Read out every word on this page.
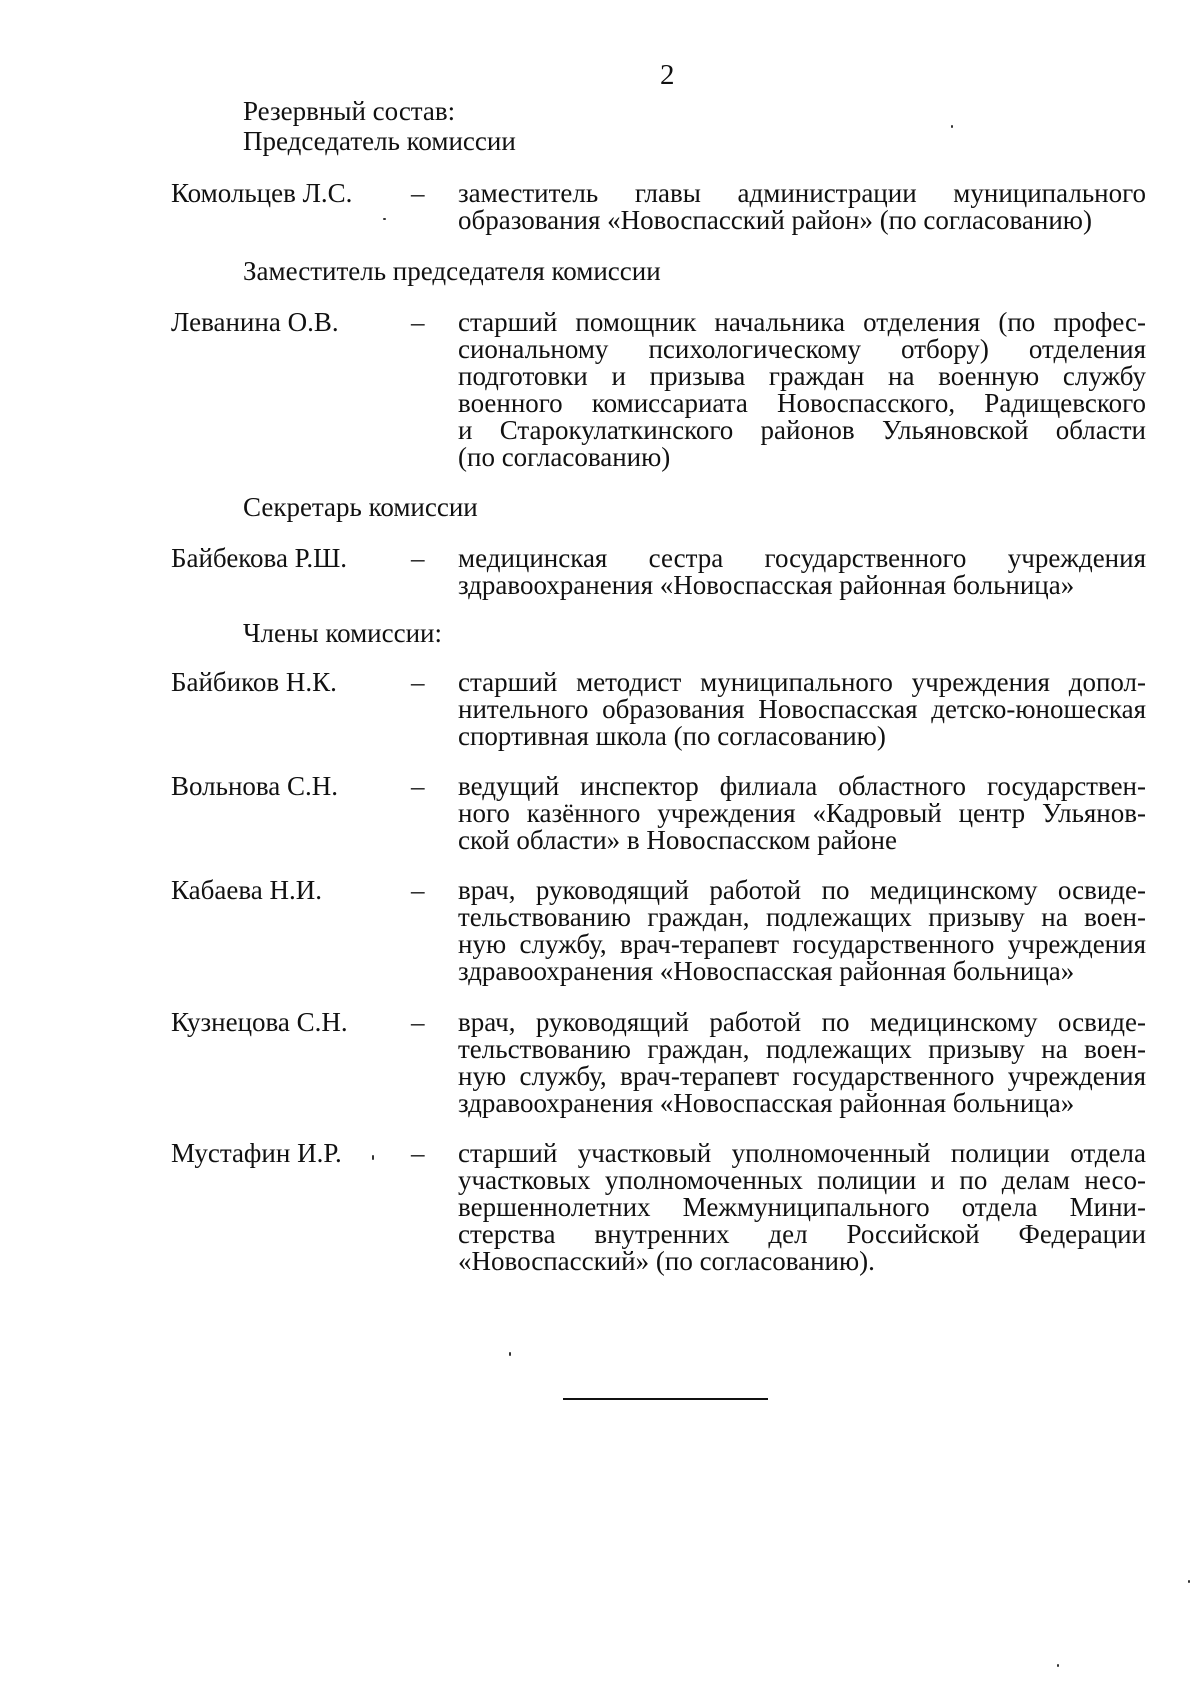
2
Резервный состав:
Председатель комиссии
Комольцев Л.С. – заместитель главы администрации муниципального
образования «Новоспасский район» (по согласованию)
Заместитель председателя комиссии
Леванина О.В.	– старший помощник начальника отделения (по профес-
сиональному психологическому отбору) отделения
подготовки и призыва граждан на военную службу
военного комиссариата Новоспасского, Радищевского
и Старокулаткинского районов Ульяновской области
(по согласованию)
Секретарь комиссии
Байбекова Р.Ш. – медицинская сестра государственного учреждения
здравоохранения «Новоспасская районная больница»
Члены комиссии:
Байбиков Н.К.	– старший методист муниципального учреждения допол-
нительного образования Новоспасская детско-юношеская
спортивная школа (по согласованию)
Вольнова С.Н.	– ведущий инспектор филиала областного государствен-
ного казённого учреждения «Кадровый центр Ульянов-
ской области» в Новоспасском районе
Кабаева Н.И.	– врач, руководящий работой по медицинскому освиде-
тельствованию граждан, подлежащих призыву на воен-
ную службу, врач-терапевт государственного учреждения
здравоохранения «Новоспасская районная больница»
Кузнецова С.Н. – врач, руководящий работой по медицинскому освиде-
тельствованию граждан, подлежащих призыву на воен-
ную службу, врач-терапевт государственного учреждения
здравоохранения «Новоспасская районная больница»
Мустафин И.Р.	– старший участковый уполномоченный полиции отдела
участковых уполномоченных полиции и по делам несо-
вершеннолетних Межмуниципального отдела Мини-
стерства внутренних дел Российской Федерации
«Новоспасский» (по согласованию).
